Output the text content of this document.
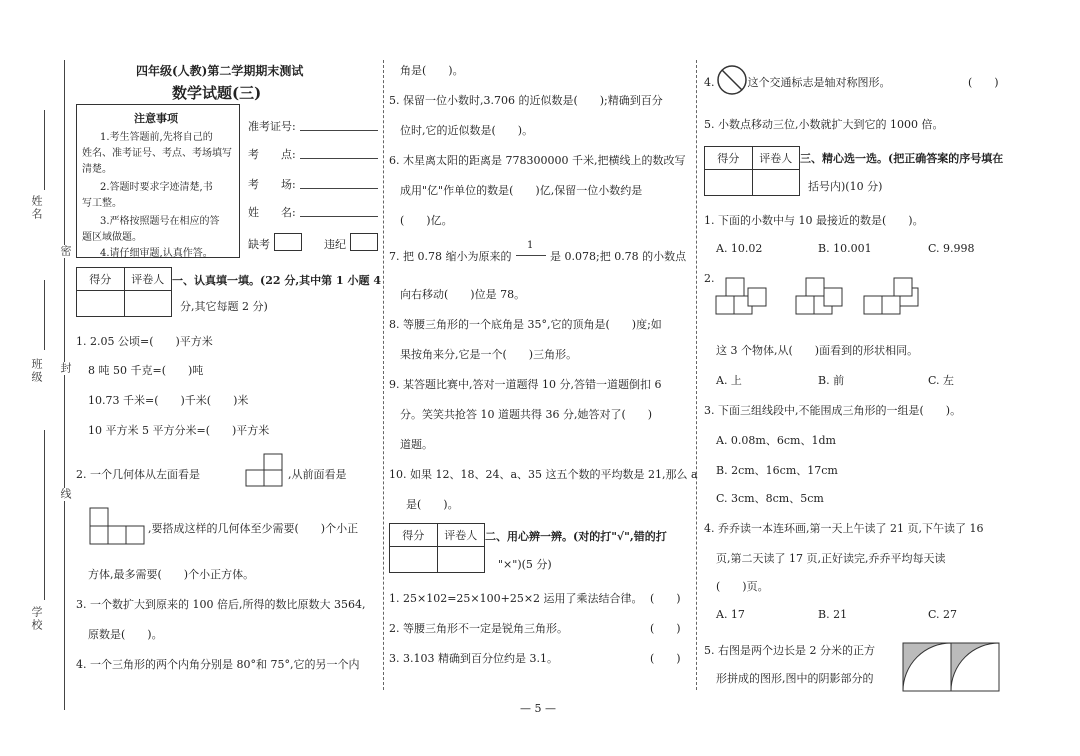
姓名
班级
学校
密
封
线
四年级(人教)第二学期期末测试
数学试题(三)
注意事项
1.考生答题前,先将自己的
姓名、准考证号、考点、考场填写
清楚。
2.答题时要求字迹清楚,书
写工整。
3.严格按照题号在相应的答
题区域做题。
4.请仔细审题,认真作答。
准考证号:
考　　点:
考　　场:
姓　　名:
缺考	违纪
得分	评卷人 一、认真填一填。(22 分,其中第 1 小题 4
分,其它每题 2 分)
1. 2.05 公顷=(　　)平方米
8 吨 50 千克=(　　)吨
10.73 千米=(　　)千米(　　)米
10 平方米 5 平方分米=(　　)平方米
2. 一个几何体从左面看是	,从前面看是
,要搭成这样的几何体至少需要(　　)个小正
方体,最多需要(　　)个小正方体。
3. 一个数扩大到原来的 100 倍后,所得的数比原数大 3564,
原数是(　　)。
4. 一个三角形的两个内角分别是 80°和 75°,它的另一个内
角是(　　)。
5. 保留一位小数时,3.706 的近似数是(　　);精确到百分
位时,它的近似数是(　　)。
6. 木星离太阳的距离是 778300000 千米,把横线上的数改写
成用"亿"作单位的数是(　　)亿,保留一位小数约是
(　　)亿。
7. 把 0.78 缩小为原来的
1
是 0.078;把 0.78 的小数点
向右移动(　　)位是 78。
8. 等腰三角形的一个底角是 35°,它的顶角是(　　)度;如
果按角来分,它是一个(　　)三角形。
9. 某答题比赛中,答对一道题得 10 分,答错一道题倒扣 6
分。笑笑共抢答 10 道题共得 36 分,她答对了(　　)
道题。
10. 如果 12、18、24、a、35 这五个数的平均数是 21,那么 a
是(　　)。
得分	评卷人 二、用心辨一辨。(对的打"√",错的打
"×")(5 分)
1. 25×102=25×100+25×2 运用了乘法结合律。 (　　)
2. 等腰三角形不一定是锐角三角形。	(　　)
3. 3.103 精确到百分位约是 3.1。	(　　)
4.　　　这个交通标志是轴对称图形。	(　　)
5. 小数点移动三位,小数就扩大到它的 1000 倍。
得分	评卷人 三、精心选一选。(把正确答案的序号填在
括号内)(10 分)
1. 下面的小数中与 10 最接近的数是(　　)。
A. 10.02	B. 10.001	C. 9.998
2.
这 3 个物体,从(　　)面看到的形状相同。
A. 上	B. 前	C. 左
3. 下面三组线段中,不能围成三角形的一组是(　　)。
A. 0.08m、6cm、1dm
B. 2cm、16cm、17cm
C. 3cm、8cm、5cm
4. 乔乔读一本连环画,第一天上午读了 21 页,下午读了 16
页,第二天读了 17 页,正好读完,乔乔平均每天读
(　　)页。
A. 17	B. 21	C. 27
5. 右图是两个边长是 2 分米的正方
形拼成的图形,图中的阴影部分的
— 5 —
